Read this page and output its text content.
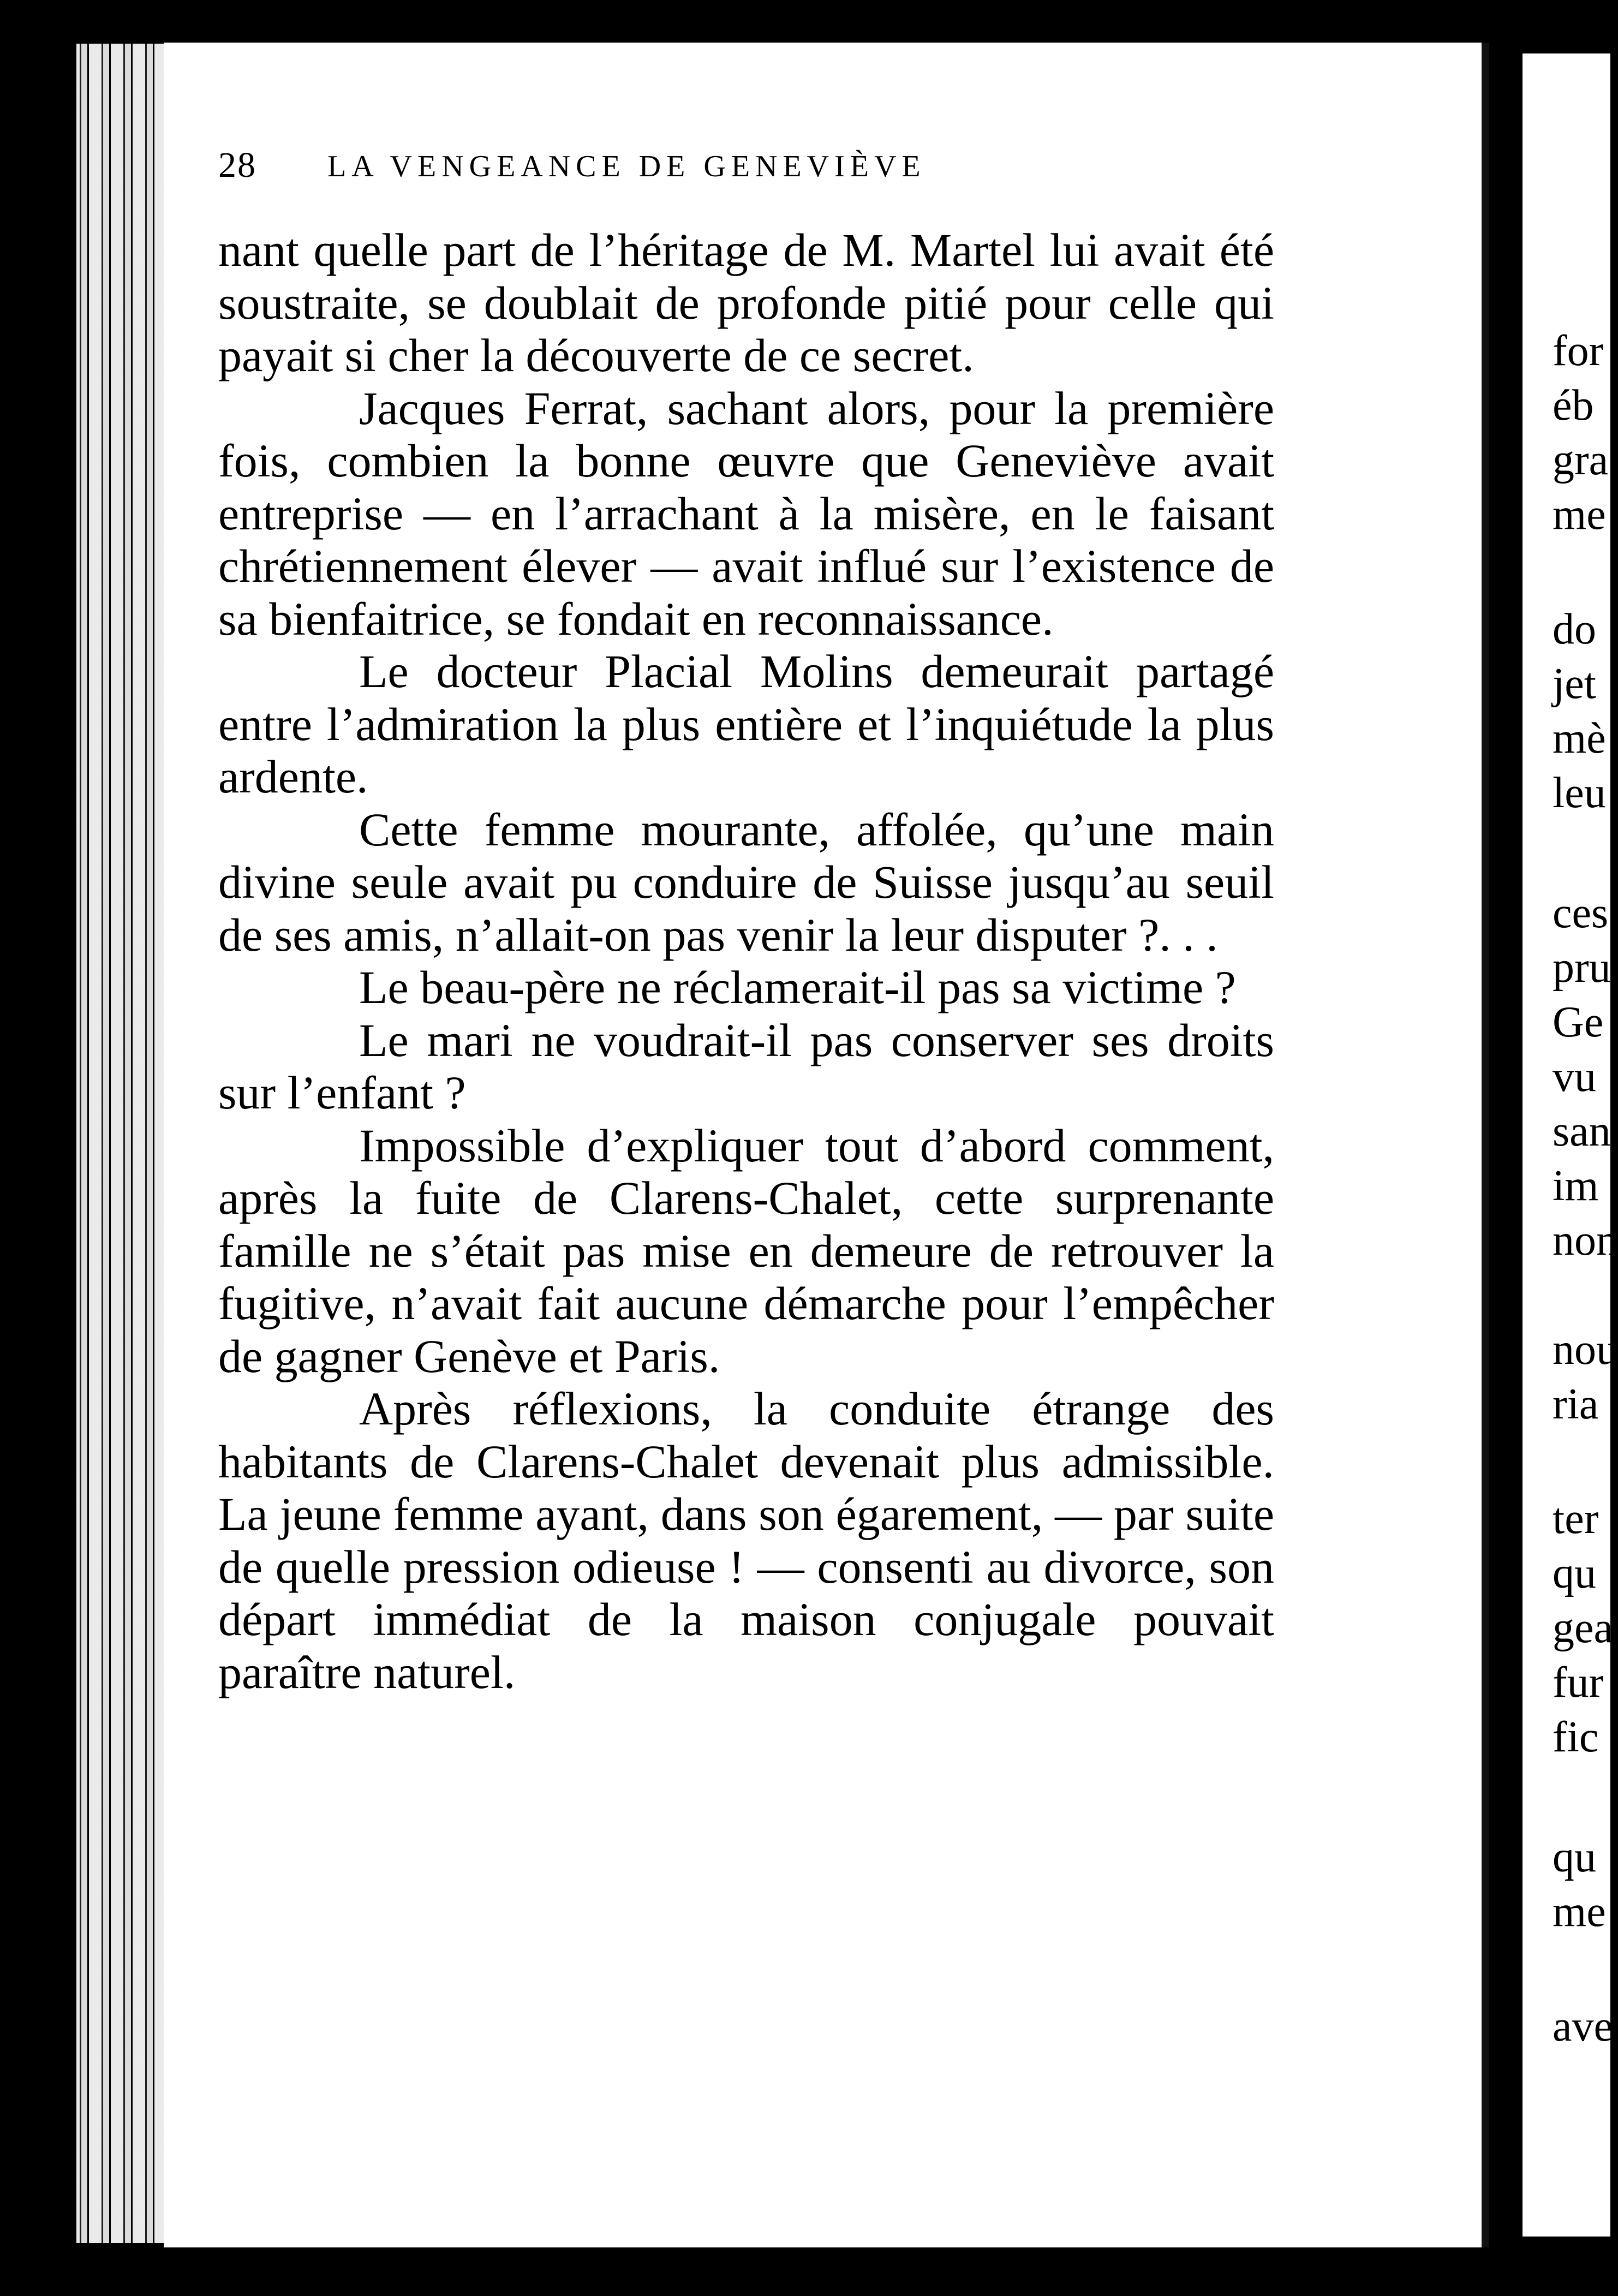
28 LA VENGEANCE DE GENEVIÈVE

nant quelle part de l’héritage de M. Martel lui avait été soustraite, se doublait de profonde pitié pour celle qui payait si cher la découverte de ce secret.

Jacques Ferrat, sachant alors, pour la première fois, combien la bonne œuvre que Geneviève avait entreprise — en l’arrachant à la misère, en le faisant chrétiennement élever — avait influé sur l’existence de sa bienfaitrice, se fondait en reconnaissance.

Le docteur Placial Molins demeurait partagé entre l’admiration la plus entière et l’inquiétude la plus ardente.

Cette femme mourante, affolée, qu’une main divine seule avait pu conduire de Suisse jusqu’au seuil de ses amis, n’allait-on pas venir la leur disputer ?. . .

Le beau-père ne réclamerait-il pas sa victime ?

Le mari ne voudrait-il pas conserver ses droits sur l’enfant ?

Impossible d’expliquer tout d’abord comment, après la fuite de Clarens-Chalet, cette surprenante famille ne s’était pas mise en demeure de retrouver la fugitive, n’avait fait aucune démarche pour l’empêcher de gagner Genève et Paris.

Après réflexions, la conduite étrange des habitants de Clarens-Chalet devenait plus admissible. La jeune femme ayant, dans son égarement, — par suite de quelle pression odieuse ! — consenti au divorce, son départ immédiat de la maison conjugale pouvait paraître naturel.

for
éb
gra
me
do
jet
mè
leu
ces
pru
Ge
vu
san
im
non
nou
ria
ter
qu
gea
fur
fic
qu
me
ave
